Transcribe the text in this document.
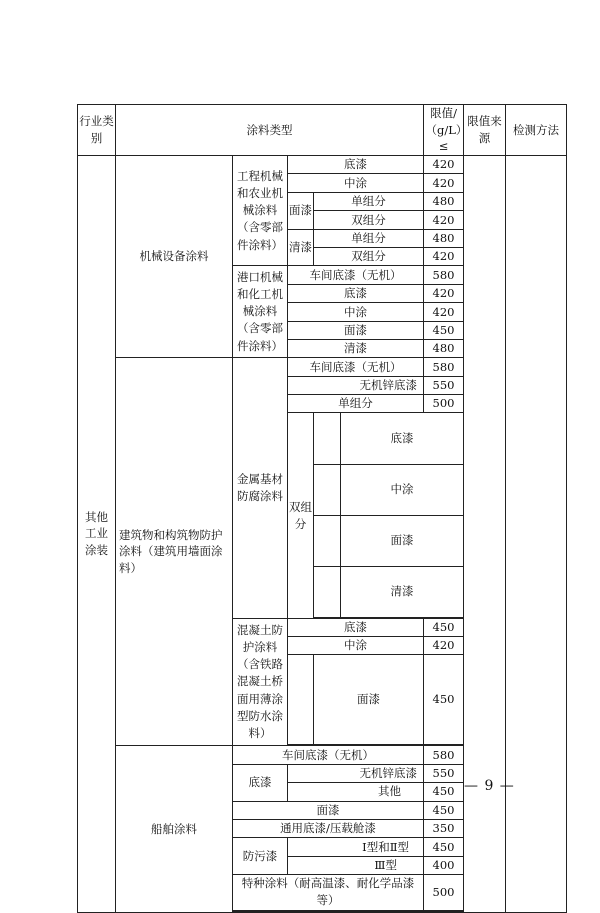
行业类别	涂料类型					限值/（g/L）≤	限值来源	检测方法	
其他工业涂装	机械设备涂料	工程机械和农业机械涂料（含零部件涂料）	底漆			420			
			中涂			420			
			面漆	单组分		480			
				双组分		420			
			清漆	单组分		480			
				双组分		420			
		港口机械和化工机械涂料（含零部件涂料）	车间底漆（无机）			580			
			底漆			420			
			中涂			420			
			面漆			450			
			清漆			480			
	建筑物和构筑物防护涂料（建筑用墙面涂料）	金属基材防腐涂料	车间底漆（无机）			580			
			无机锌底漆			550			
			单组分			500			
			双组分		底漆	
					中涂	
					面漆	
					清漆	

		混凝土防护涂料（含铁路混凝土桥面用薄涂型防水涂料）	底漆			450			
			中涂			420			
				面漆		450			

	船舶涂料	车间底漆（无机）				580			
		底漆	无机锌底漆			550			
			其他			450			
		面漆				450			
		通用底漆/压载舱漆				350			
		防污漆	Ⅰ型和Ⅱ型			450			
			Ⅲ型			400			
		特种涂料（耐高温漆、耐化学品漆等）				500			

— 9 —
